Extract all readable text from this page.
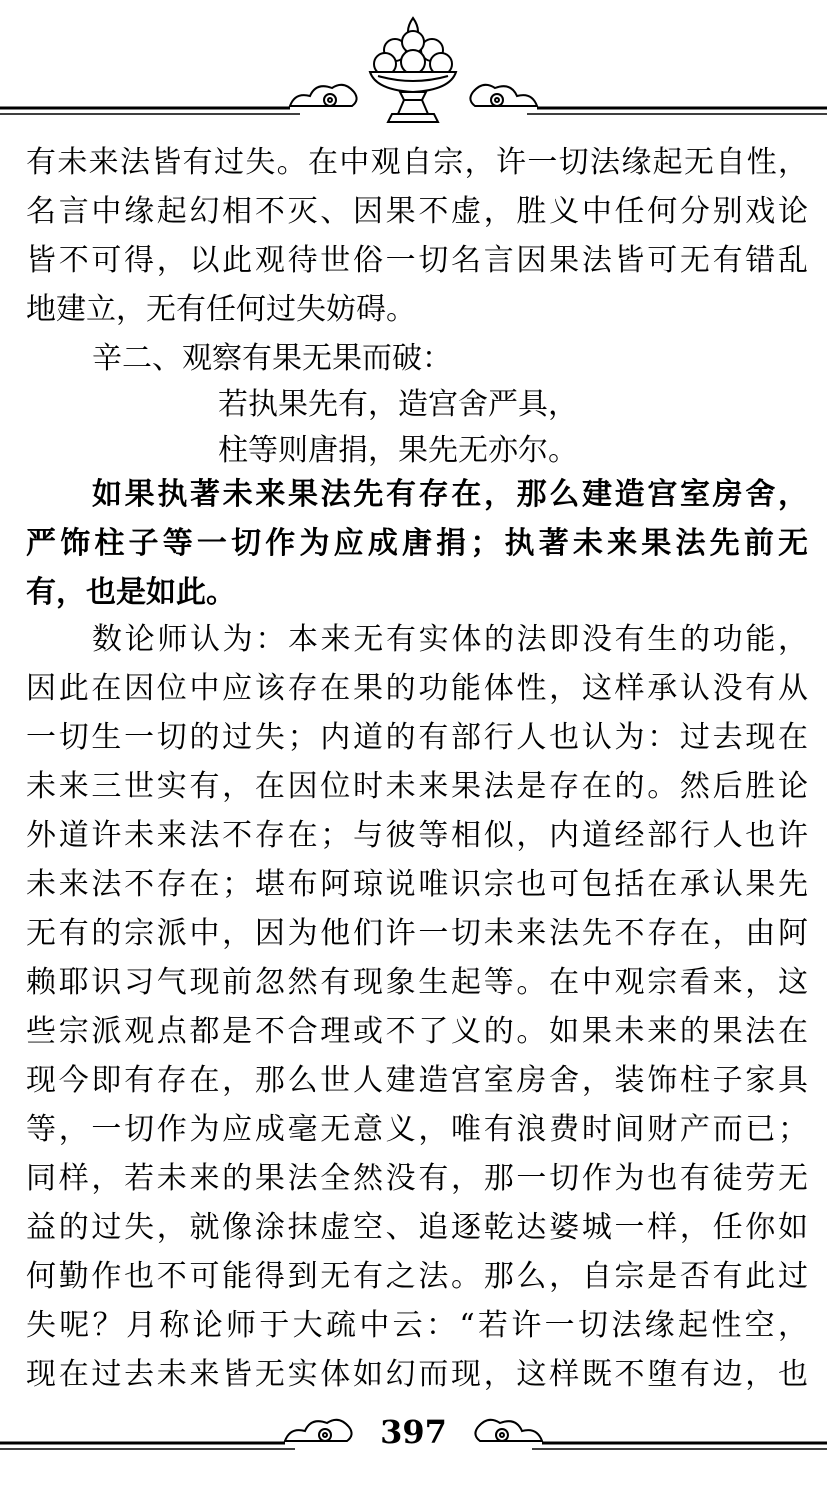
有未来法皆有过失。在中观自宗，许一切法缘起无自性，
名言中缘起幻相不灭、因果不虚，胜义中任何分别戏论
皆不可得，以此观待世俗一切名言因果法皆可无有错乱
地建立，无有任何过失妨碍。
辛二、观察有果无果而破：
若执果先有，造宫舍严具，
柱等则唐捐，果先无亦尔。
如果执著未来果法先有存在，那么建造宫室房舍，
严饰柱子等一切作为应成唐捐；执著未来果法先前无
有，也是如此。
数论师认为：本来无有实体的法即没有生的功能，
因此在因位中应该存在果的功能体性，这样承认没有从
一切生一切的过失；内道的有部行人也认为：过去现在
未来三世实有，在因位时未来果法是存在的。然后胜论
外道许未来法不存在；与彼等相似，内道经部行人也许
未来法不存在；堪布阿琼说唯识宗也可包括在承认果先
无有的宗派中，因为他们许一切未来法先不存在，由阿
赖耶识习气现前忽然有现象生起等。在中观宗看来，这
些宗派观点都是不合理或不了义的。如果未来的果法在
现今即有存在，那么世人建造宫室房舍，装饰柱子家具
等，一切作为应成毫无意义，唯有浪费时间财产而已；
同样，若未来的果法全然没有，那一切作为也有徒劳无
益的过失，就像涂抹虚空、追逐乾达婆城一样，任你如
何勤作也不可能得到无有之法。那么，自宗是否有此过
失呢？月称论师于大疏中云：“若许一切法缘起性空，
现在过去未来皆无实体如幻而现，这样既不堕有边，也
397
